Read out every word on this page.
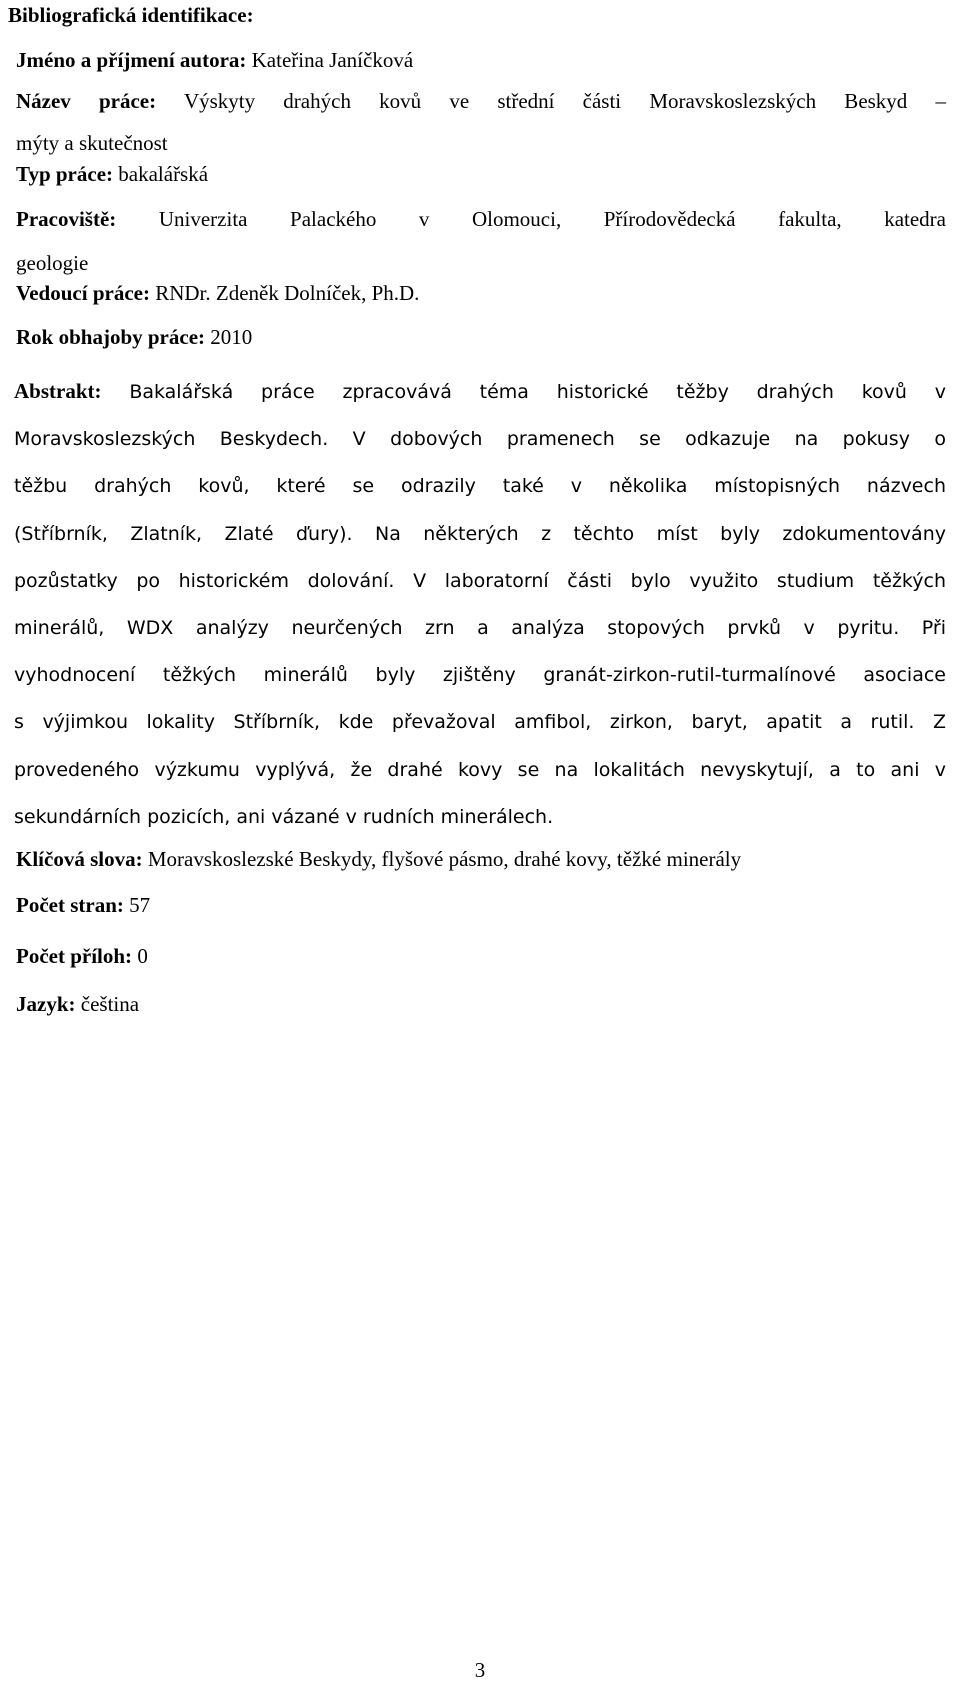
Bibliografická identifikace:
Jméno a příjmení autora: Kateřina Janíčková
Název práce: Výskyty drahých kovů ve střední části Moravskoslezských Beskyd –
mýty a skutečnost
Typ práce: bakalářská
Pracoviště: Univerzita Palackého v Olomouci, Přírodovědecká fakulta, katedra
geologie
Vedoucí práce: RNDr. Zdeněk Dolníček, Ph.D.
Rok obhajoby práce: 2010
Abstrakt: Bakalářská práce zpracovává téma historické těžby drahých kovů v
Moravskoslezských Beskydech. V dobových pramenech se odkazuje na pokusy o
těžbu drahých kovů, které se odrazily také v několika místopisných názvech
(Stříbrník, Zlatník, Zlaté ďury). Na některých z těchto míst byly zdokumentovány
pozůstatky po historickém dolování. V laboratorní části bylo využito studium těžkých
minerálů, WDX analýzy neurčených zrn a analýza stopových prvků v pyritu. Při
vyhodnocení těžkých minerálů byly zjištěny granát-zirkon-rutil-turmalínové asociace
s výjimkou lokality Stříbrník, kde převažoval amfibol, zirkon, baryt, apatit a rutil. Z
provedeného výzkumu vyplývá, že drahé kovy se na lokalitách nevyskytují, a to ani v
sekundárních pozicích, ani vázané v rudních minerálech.
Klíčová slova: Moravskoslezské Beskydy, flyšové pásmo, drahé kovy, těžké minerály
Počet stran: 57
Počet příloh: 0
Jazyk: čeština
3
